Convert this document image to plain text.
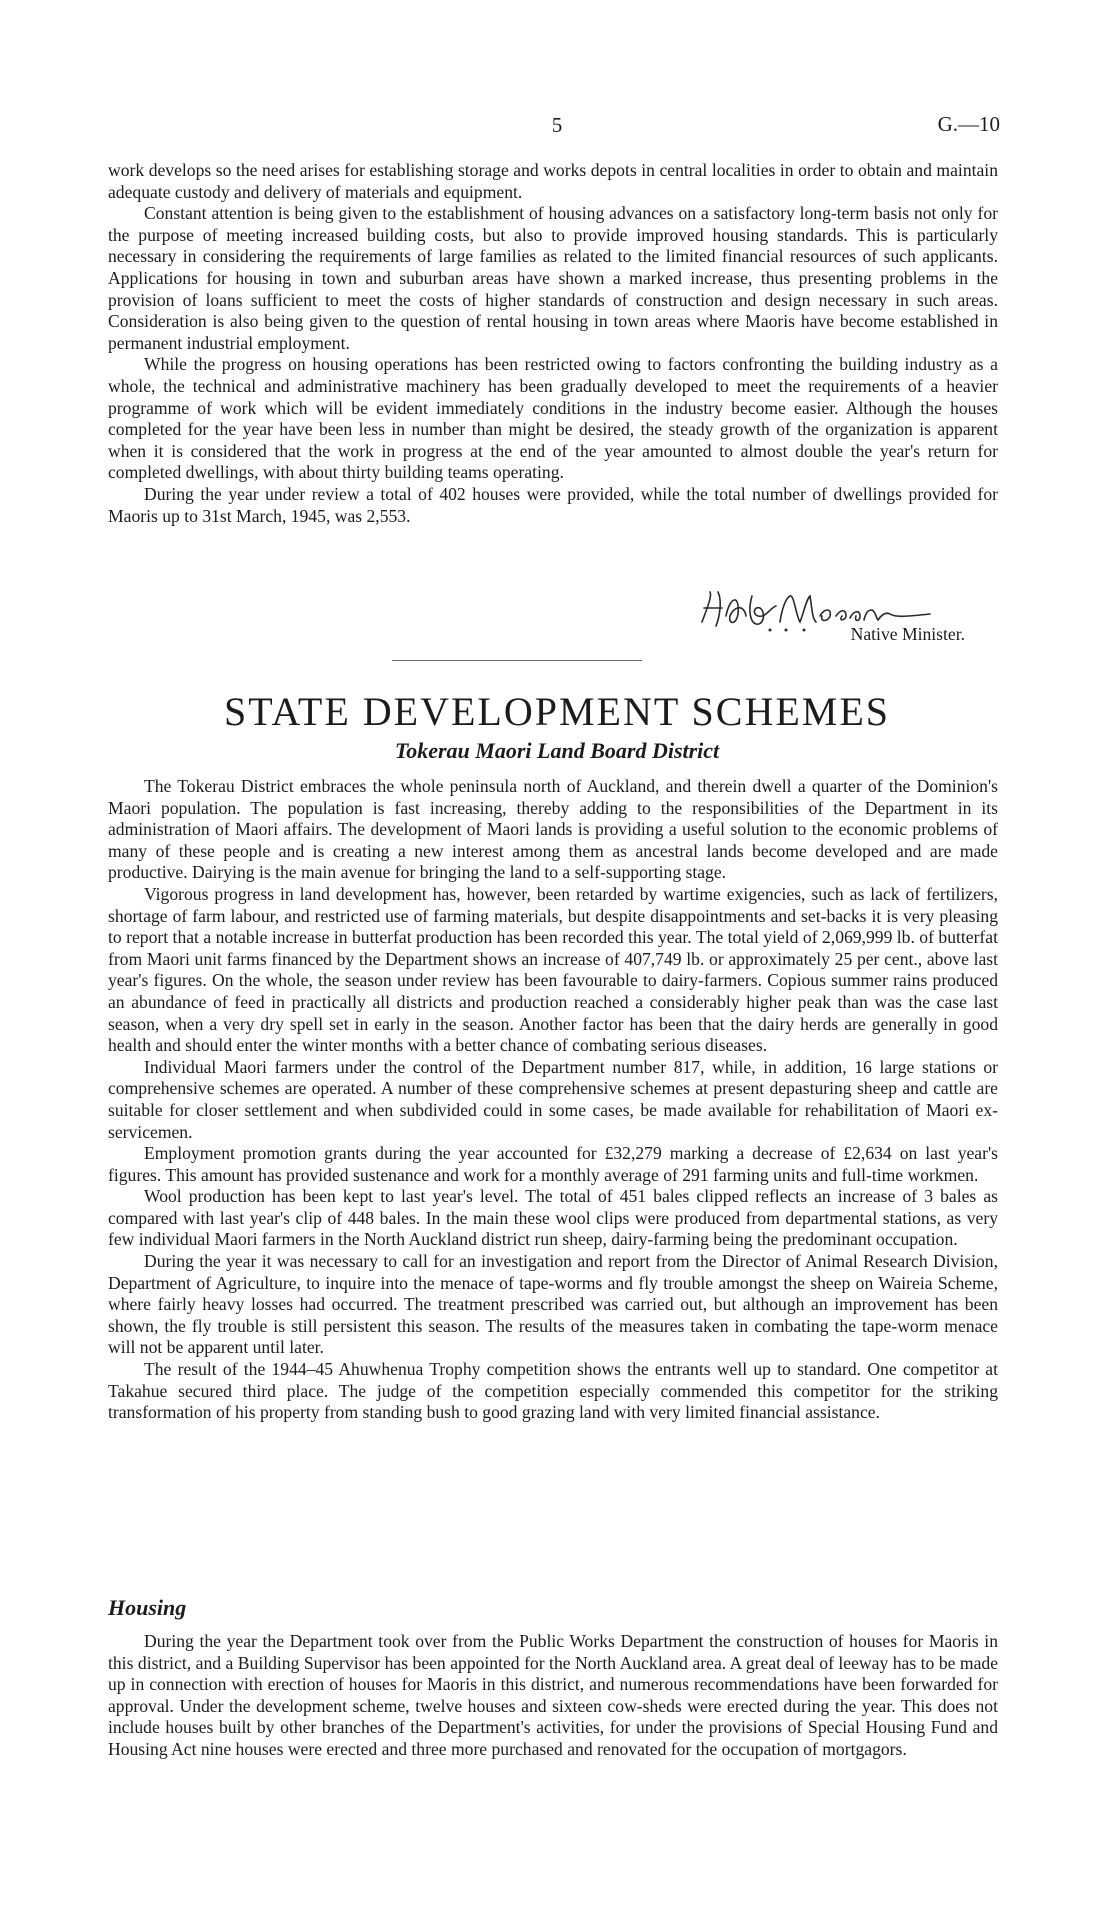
5	G.—10

work develops so the need arises for establishing storage and works depots in central localities in order to obtain and maintain adequate custody and delivery of materials and equipment.

Constant attention is being given to the establishment of housing advances on a satisfactory long-term basis not only for the purpose of meeting increased building costs, but also to provide improved housing standards. This is particularly necessary in considering the requirements of large families as related to the limited financial resources of such applicants. Applications for housing in town and suburban areas have shown a marked increase, thus presenting problems in the provision of loans sufficient to meet the costs of higher standards of construction and design necessary in such areas. Consideration is also being given to the question of rental housing in town areas where Maoris have become established in permanent industrial employment.

While the progress on housing operations has been restricted owing to factors confronting the building industry as a whole, the technical and administrative machinery has been gradually developed to meet the requirements of a heavier programme of work which will be evident immediately conditions in the industry become easier. Although the houses completed for the year have been less in number than might be desired, the steady growth of the organization is apparent when it is considered that the work in progress at the end of the year amounted to almost double the year's return for completed dwellings, with about thirty building teams operating.

During the year under review a total of 402 houses were provided, while the total number of dwellings provided for Maoris up to 31st March, 1945, was 2,553.

Native Minister.
STATE DEVELOPMENT SCHEMES
Tokerau Maori Land Board District

The Tokerau District embraces the whole peninsula north of Auckland, and therein dwell a quarter of the Dominion's Maori population. The population is fast increasing, thereby adding to the responsibilities of the Department in its administration of Maori affairs. The development of Maori lands is providing a useful solution to the economic problems of many of these people and is creating a new interest among them as ancestral lands become developed and are made productive. Dairying is the main avenue for bringing the land to a self-supporting stage.

Vigorous progress in land development has, however, been retarded by wartime exigencies, such as lack of fertilizers, shortage of farm labour, and restricted use of farming materials, but despite disappointments and set-backs it is very pleasing to report that a notable increase in butterfat production has been recorded this year. The total yield of 2,069,999 lb. of butterfat from Maori unit farms financed by the Department shows an increase of 407,749 lb. or approximately 25 per cent., above last year's figures. On the whole, the season under review has been favourable to dairy-farmers. Copious summer rains produced an abundance of feed in practically all districts and production reached a considerably higher peak than was the case last season, when a very dry spell set in early in the season. Another factor has been that the dairy herds are generally in good health and should enter the winter months with a better chance of combating serious diseases.

Individual Maori farmers under the control of the Department number 817, while, in addition, 16 large stations or comprehensive schemes are operated. A number of these comprehensive schemes at present depasturing sheep and cattle are suitable for closer settlement and when subdivided could in some cases, be made available for rehabilitation of Maori ex-servicemen.

Employment promotion grants during the year accounted for £32,279 marking a decrease of £2,634 on last year's figures. This amount has provided sustenance and work for a monthly average of 291 farming units and full-time workmen.

Wool production has been kept to last year's level. The total of 451 bales clipped reflects an increase of 3 bales as compared with last year's clip of 448 bales. In the main these wool clips were produced from departmental stations, as very few individual Maori farmers in the North Auckland district run sheep, dairy-farming being the predominant occupation.

During the year it was necessary to call for an investigation and report from the Director of Animal Research Division, Department of Agriculture, to inquire into the menace of tape-worms and fly trouble amongst the sheep on Waireia Scheme, where fairly heavy losses had occurred. The treatment prescribed was carried out, but although an improvement has been shown, the fly trouble is still persistent this season. The results of the measures taken in combating the tape-worm menace will not be apparent until later.

The result of the 1944–45 Ahuwhenua Trophy competition shows the entrants well up to standard. One competitor at Takahue secured third place. The judge of the competition especially commended this competitor for the striking transformation of his property from standing bush to good grazing land with very limited financial assistance.

Housing

During the year the Department took over from the Public Works Department the construction of houses for Maoris in this district, and a Building Supervisor has been appointed for the North Auckland area. A great deal of leeway has to be made up in connection with erection of houses for Maoris in this district, and numerous recommendations have been forwarded for approval. Under the development scheme, twelve houses and sixteen cow-sheds were erected during the year. This does not include houses built by other branches of the Department's activities, for under the provisions of Special Housing Fund and Housing Act nine houses were erected and three more purchased and renovated for the occupation of mortgagors.
